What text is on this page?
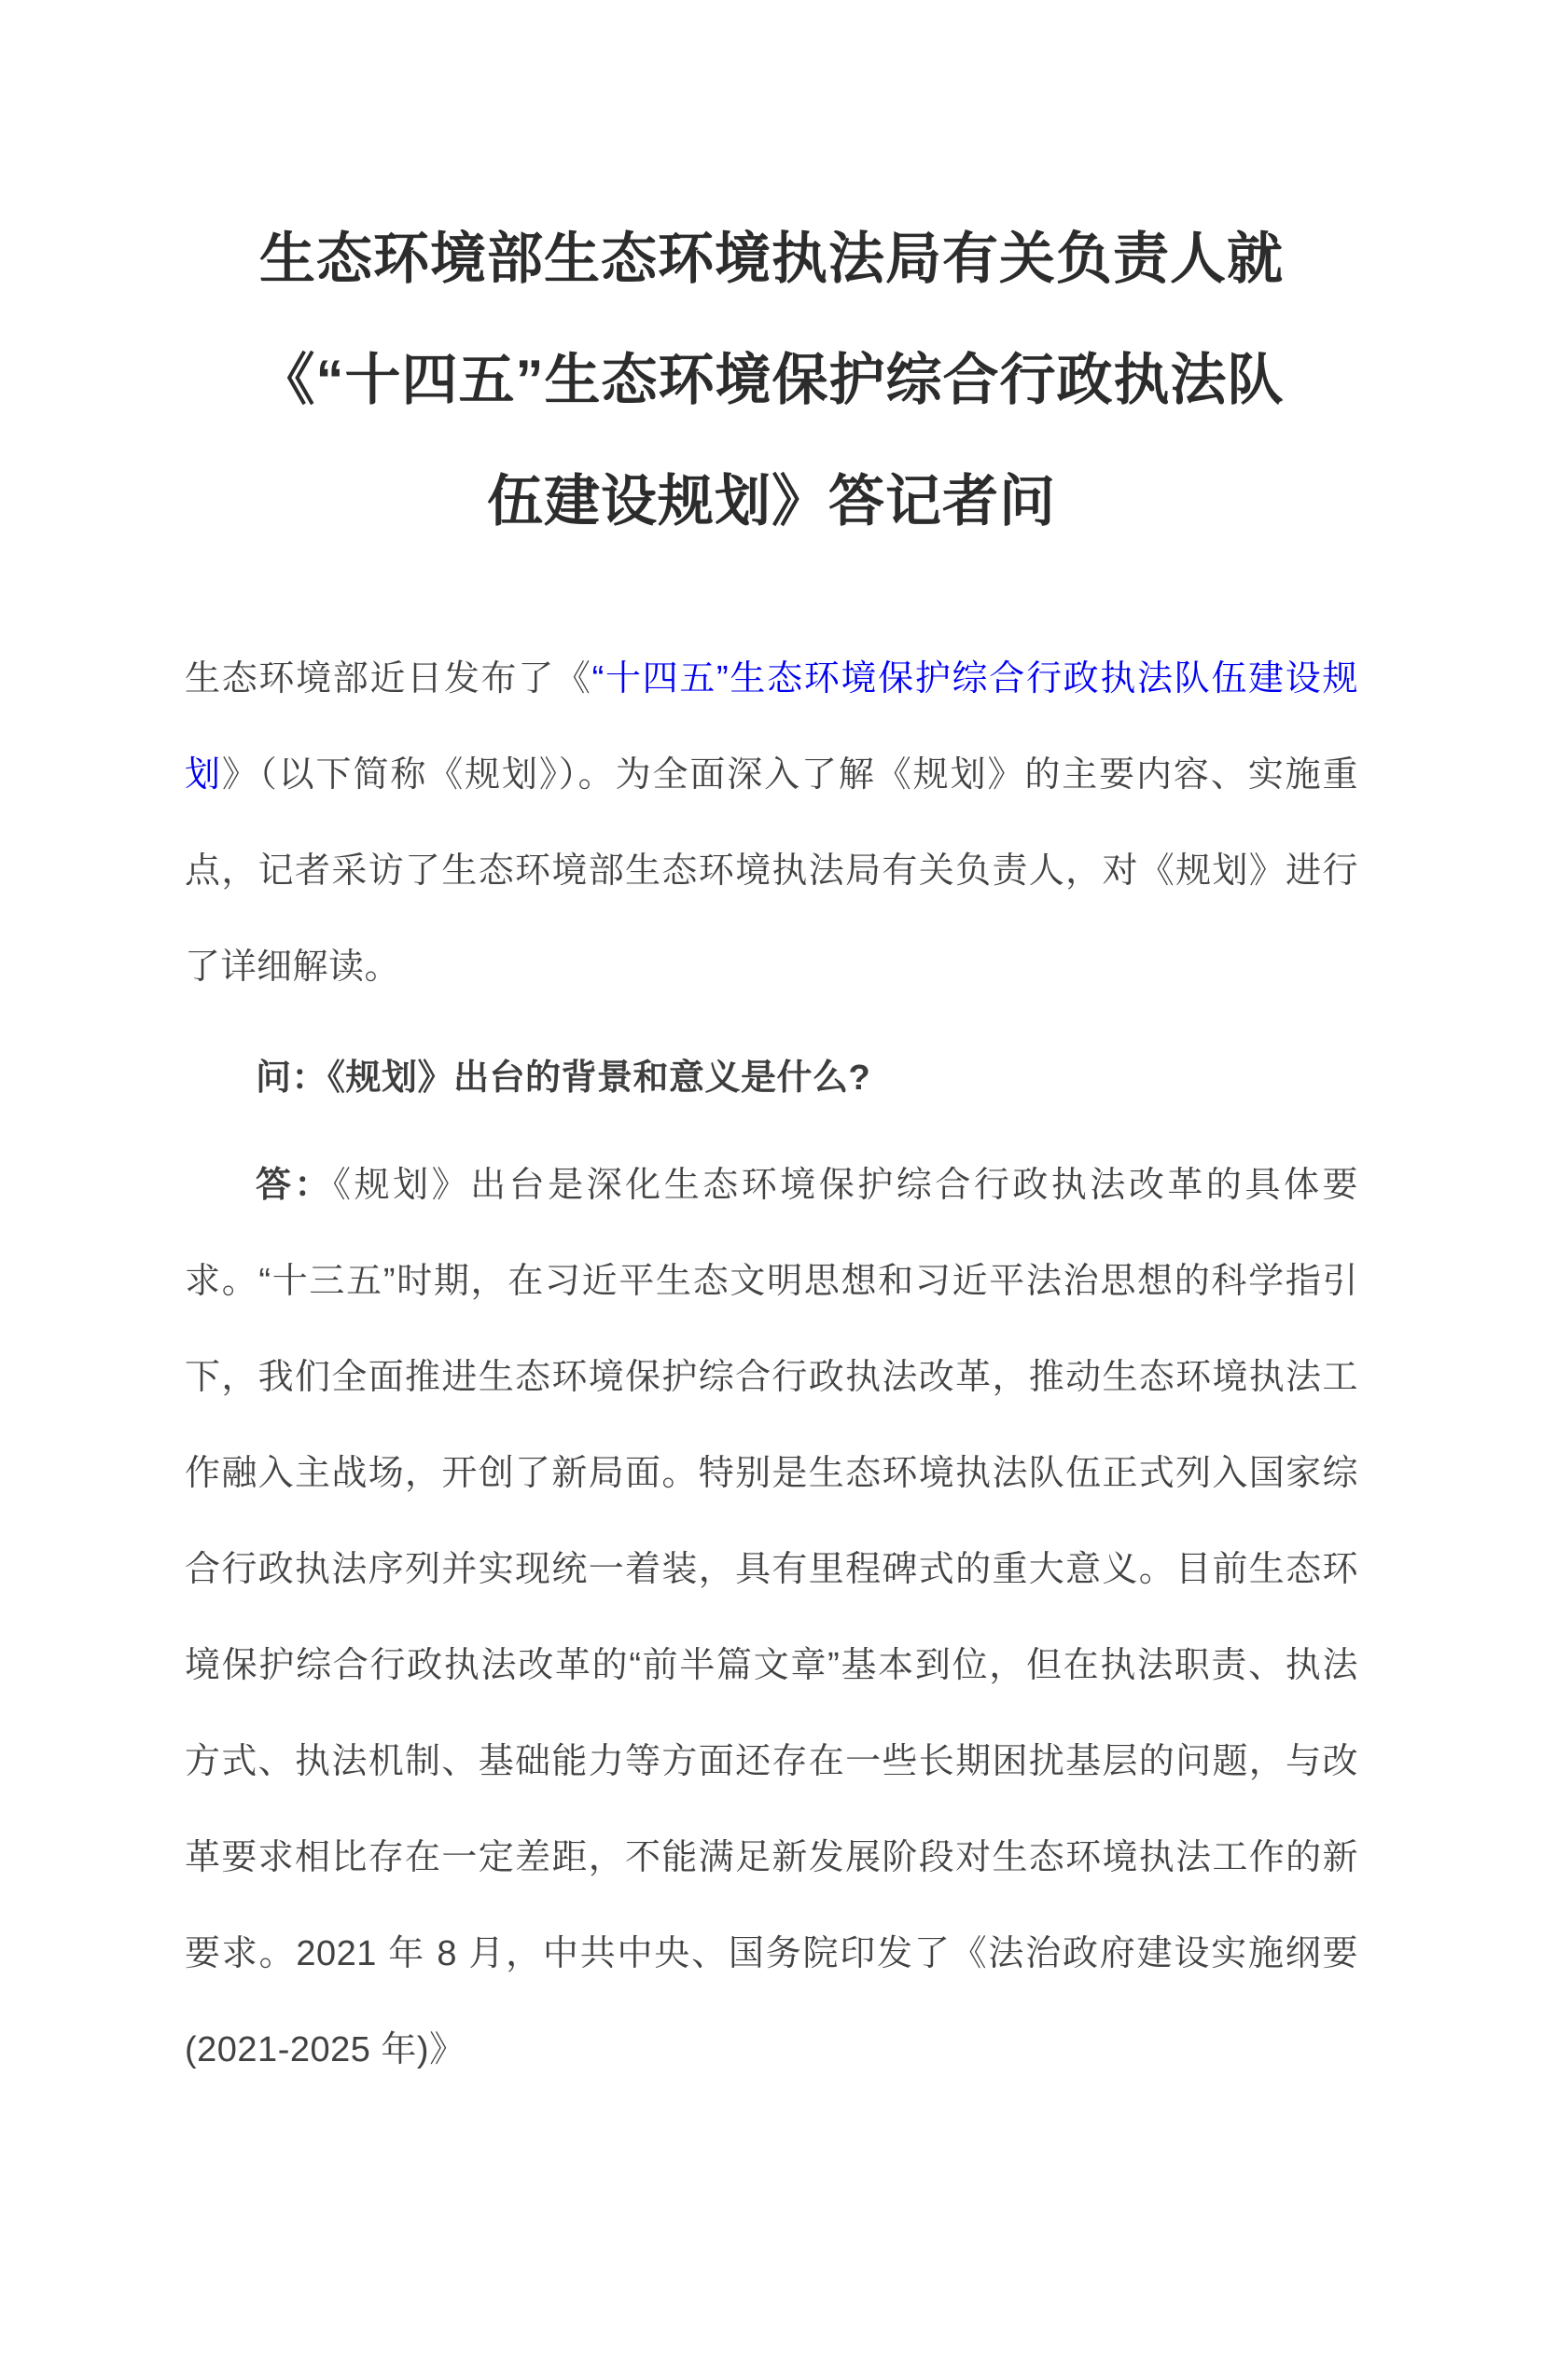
生态环境部生态环境执法局有关负责人就
《“十四五”生态环境保护综合行政执法队
伍建设规划》答记者问

生态环境部近日发布了《“十四五”生态环境保护综合行政执法队伍建设规划》（以下简称《规划》）。为全面深入了解《规划》的主要内容、实施重点，记者采访了生态环境部生态环境执法局有关负责人，对《规划》进行了详细解读。

问：《规划》出台的背景和意义是什么?

答：《规划》出台是深化生态环境保护综合行政执法改革的具体要求。“十三五”时期，在习近平生态文明思想和习近平法治思想的科学指引下，我们全面推进生态环境保护综合行政执法改革，推动生态环境执法工作融入主战场，开创了新局面。特别是生态环境执法队伍正式列入国家综合行政执法序列并实现统一着装，具有里程碑式的重大意义。目前生态环境保护综合行政执法改革的“前半篇文章”基本到位，但在执法职责、执法方式、执法机制、基础能力等方面还存在一些长期困扰基层的问题，与改革要求相比存在一定差距，不能满足新发展阶段对生态环境执法工作的新要求。2021 年 8 月，中共中央、国务院印发了《法治政府建设实施纲要 (2021-2025 年)》
